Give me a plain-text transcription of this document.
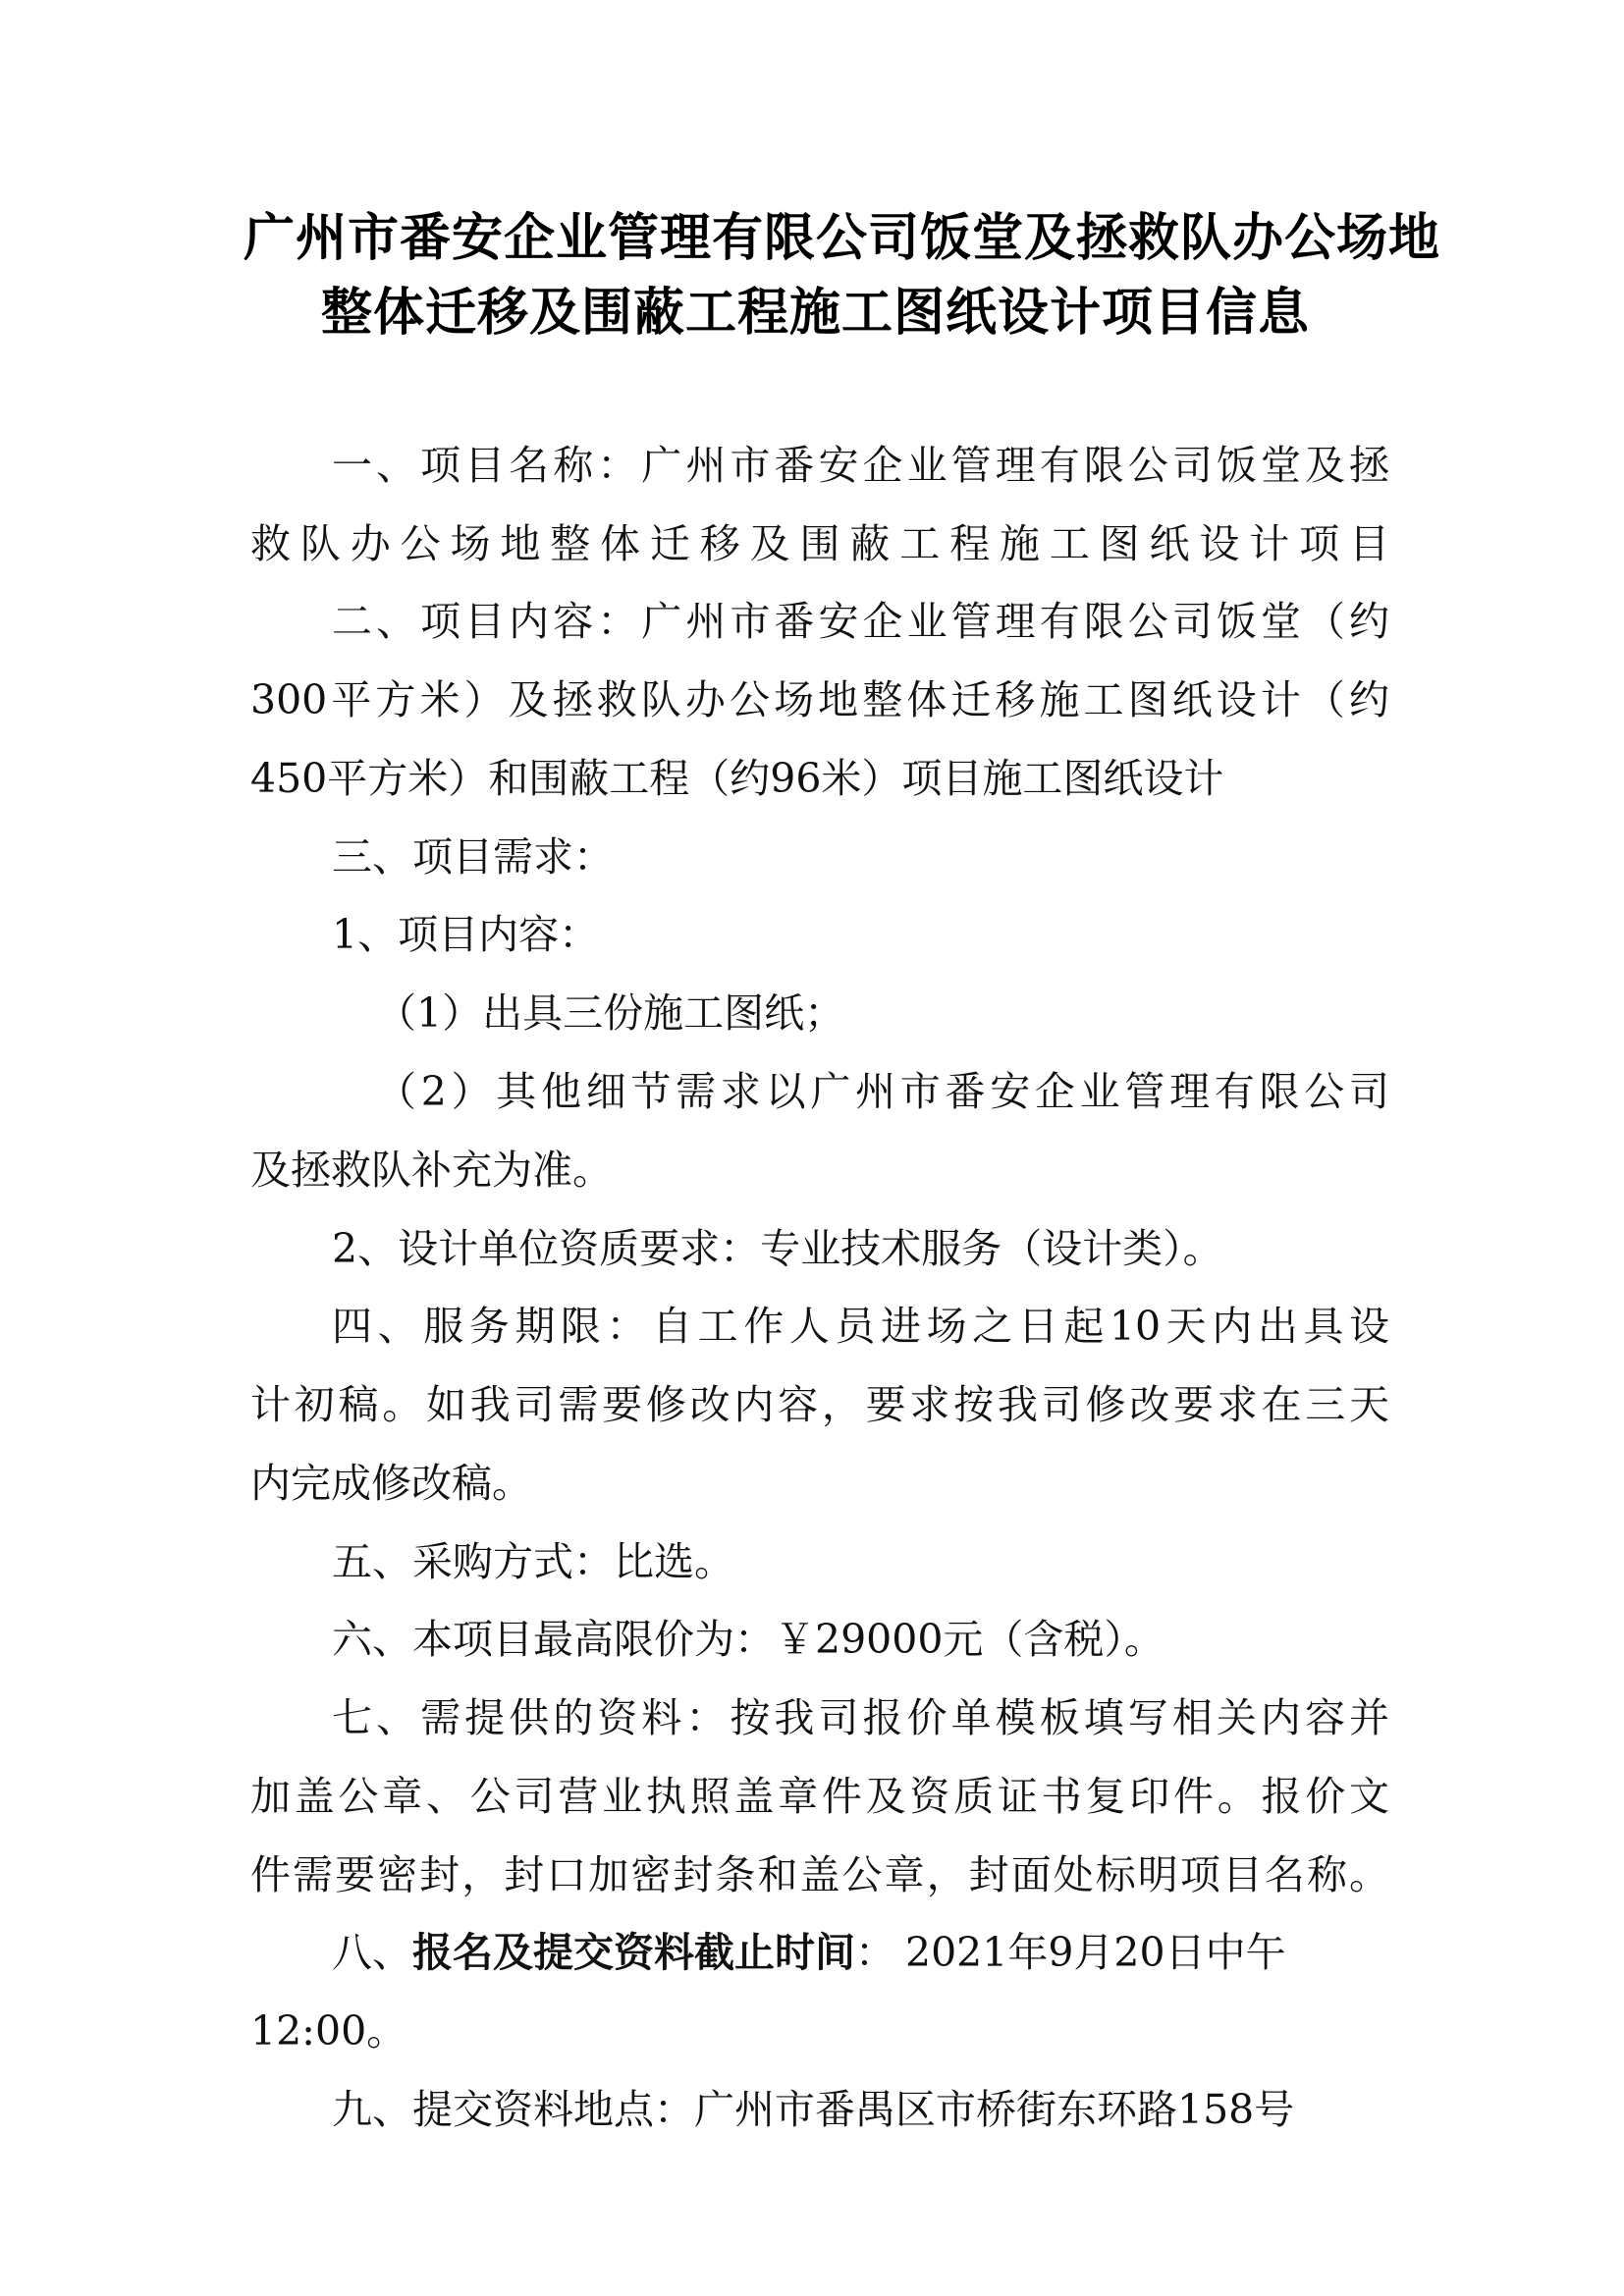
广州市番安企业管理有限公司饭堂及拯救队办公场地
整体迁移及围蔽工程施工图纸设计项目信息
一、项目名称：广州市番安企业管理有限公司饭堂及拯
救队办公场地整体迁移及围蔽工程施工图纸设计项目
二、项目内容：广州市番安企业管理有限公司饭堂（约
300平方米）及拯救队办公场地整体迁移施工图纸设计（约
450平方米）和围蔽工程（约96米）项目施工图纸设计
三、项目需求：
1、项目内容：
（1）出具三份施工图纸；
（2）其他细节需求以广州市番安企业管理有限公司
及拯救队补充为准。
2、设计单位资质要求：专业技术服务（设计类）。
四、服务期限：自工作人员进场之日起10天内出具设
计初稿。如我司需要修改内容，要求按我司修改要求在三天
内完成修改稿。
五、采购方式：比选。
六、本项目最高限价为：￥29000元（含税）。
七、需提供的资料：按我司报价单模板填写相关内容并
加盖公章、公司营业执照盖章件及资质证书复印件。报价文
件需要密封，封口加密封条和盖公章，封面处标明项目名称。
八、报名及提交资料截止时间： 2021年9月20日中午
12:00。
九、提交资料地点：广州市番禺区市桥街东环路158号
